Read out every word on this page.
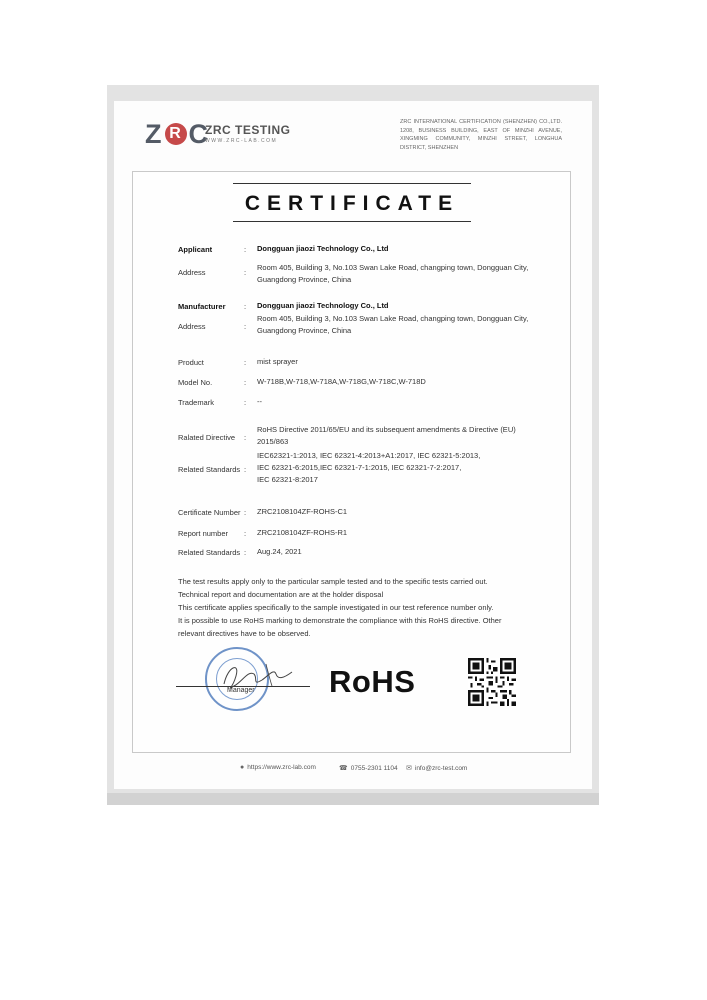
Z R C
ZRC TESTING
WWW.ZRC-LAB.COM
ZRC INTERNATIONAL CERTIFICATION (SHENZHEN) CO.,LTD. 1208, BUSINESS BUILDING, EAST OF MINZHI AVENUE, XINGMING COMMUNITY, MINZHI STREET, LONGHUA DISTRICT, SHENZHEN
CERTIFICATE
Applicant	: Dongguan jiaozi Technology Co., Ltd
Address	:
Room 405, Building 3, No.103 Swan Lake Road, changping town, Dongguan City,
Guangdong Province, China
Manufacturer : Dongguan jiaozi Technology Co., Ltd
Address	:
Room 405, Building 3, No.103 Swan Lake Road, changping town, Dongguan City,
Guangdong Province, China
Product	: mist sprayer
Model No.	: W-718B,W-718,W-718A,W-718G,W-718C,W-718D
Trademark	: --
Ralated Directive :
RoHS Directive 2011/65/EU and its subsequent amendments & Directive (EU)
2015/863
Related Standards :
IEC62321-1:2013, IEC 62321-4:2013+A1:2017, IEC 62321-5:2013,
IEC 62321-6:2015,IEC 62321-7-1:2015, IEC 62321-7-2:2017,
IEC 62321-8:2017
Certificate Number : ZRC2108104ZF-ROHS-C1
Report number : ZRC2108104ZF-ROHS-R1
Related Standards : Aug.24, 2021
The test results apply only to the particular sample tested and to the specific tests carried out.
Technical report and documentation are at the holder disposal
This certificate applies specifically to the sample investigated in our test reference number only.
It is possible to use RoHS marking to demonstrate the compliance with this RoHS directive. Other
relevant directives have to be observed.
Manager RoHS
● https://www.zrc-lab.com	☎ 0755-2301 1104 ✉ info@zrc-test.com
